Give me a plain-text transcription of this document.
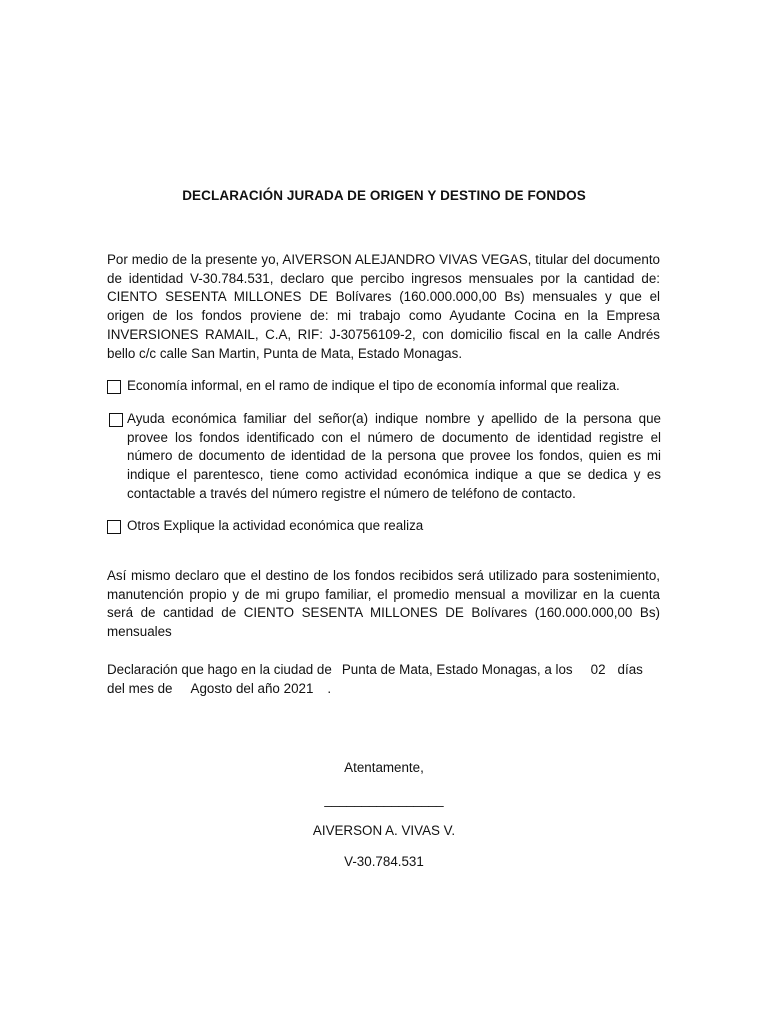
DECLARACIÓN JURADA DE ORIGEN Y DESTINO DE FONDOS
Por medio de la presente yo, AIVERSON ALEJANDRO VIVAS VEGAS, titular del documento de identidad V-30.784.531, declaro que percibo ingresos mensuales por la cantidad de: CIENTO SESENTA MILLONES DE Bolívares (160.000.000,00 Bs) mensuales y que el origen de los fondos proviene de: mi trabajo como Ayudante Cocina en la Empresa INVERSIONES RAMAIL, C.A, RIF: J-30756109-2, con domicilio fiscal en la calle Andrés bello c/c calle San Martin, Punta de Mata, Estado Monagas.
Economía informal, en el ramo de indique el tipo de economía informal que realiza.
Ayuda económica familiar del señor(a) indique nombre y apellido de la persona que provee los fondos identificado con el número de documento de identidad registre el número de documento de identidad de la persona que provee los fondos, quien es mi indique el parentesco, tiene como actividad económica indique a que se dedica y es contactable a través del número registre el número de teléfono de contacto.
Otros Explique la actividad económica que realiza
Así mismo declaro que el destino de los fondos recibidos será utilizado para sostenimiento, manutención propio y de mi grupo familiar, el promedio mensual a movilizar en la cuenta será de cantidad de CIENTO SESENTA MILLONES DE Bolívares (160.000.000,00 Bs) mensuales
Declaración que hago en la ciudad de Punta de Mata, Estado Monagas, a los 02 días del mes de Agosto del año 2021 .
Atentamente,
________________
AIVERSON A. VIVAS V.
V-30.784.531
